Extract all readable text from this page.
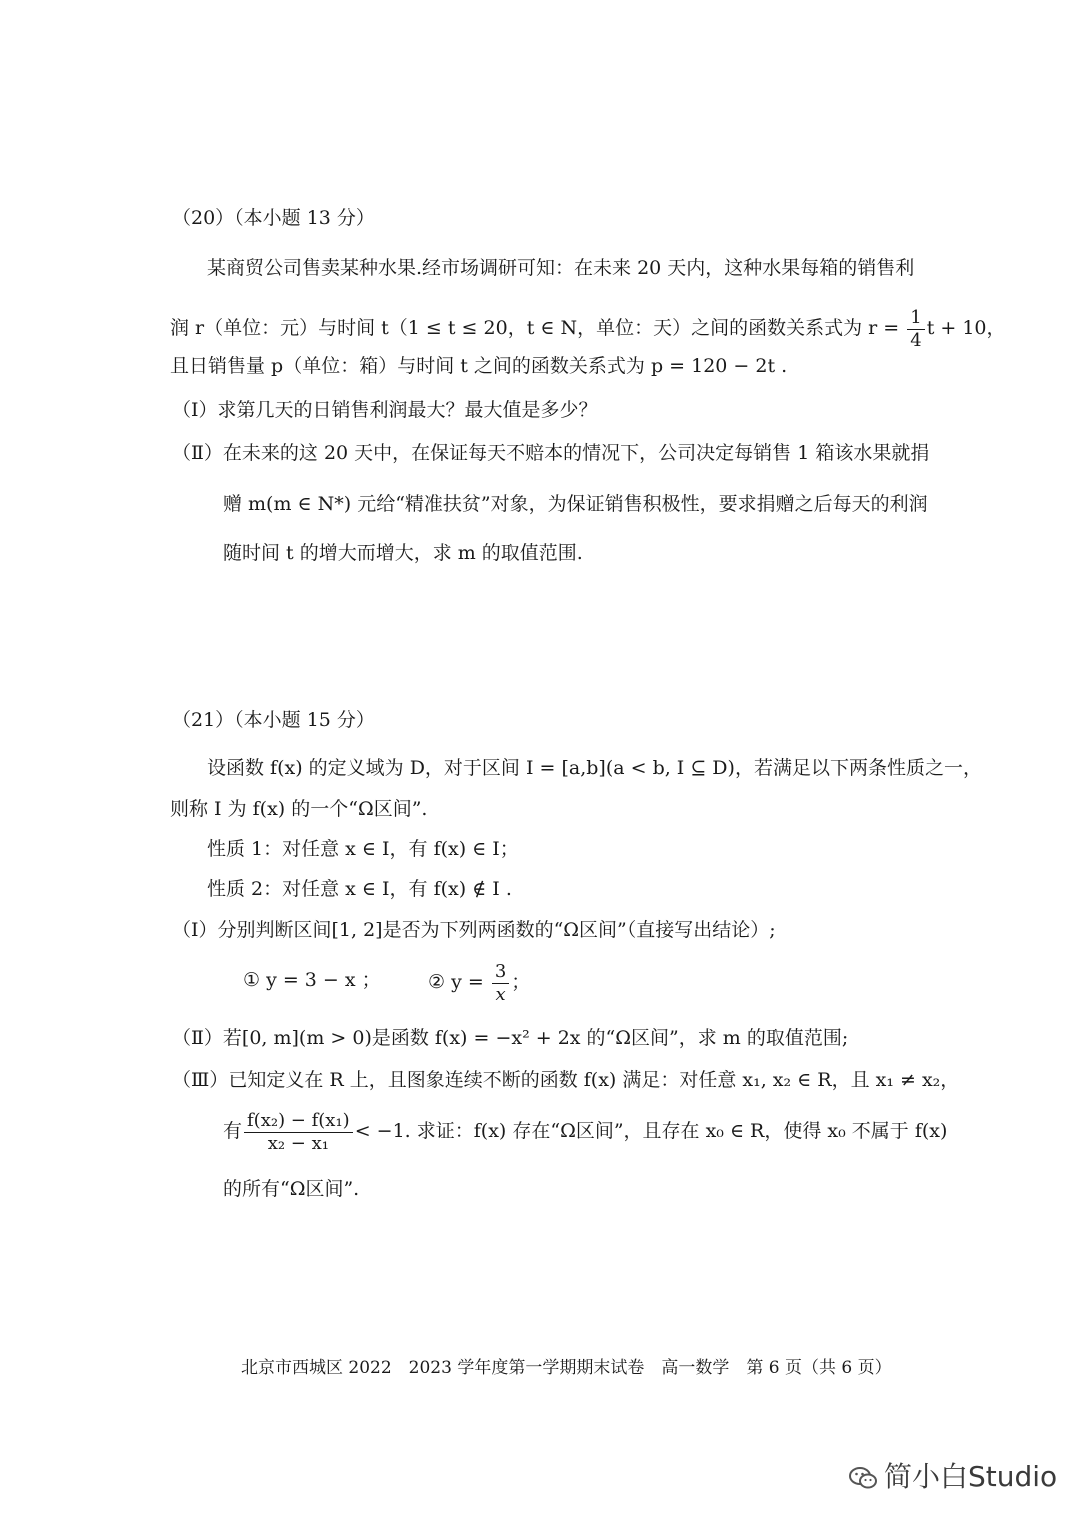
（20）（本小题 13 分）
某商贸公司售卖某种水果.经市场调研可知：在未来 20 天内，这种水果每箱的销售利
润 r（单位：元）与时间 t（1 ≤ t ≤ 20，t ∈ N，单位：天）之间的函数关系式为 $r = \frac{1}{4}$ t + 10，
且日销售量 p（单位：箱）与时间 t 之间的函数关系式为 p = 120 − 2t .
（Ⅰ）求第几天的日销售利润最大？最大值是多少？
（Ⅱ）在未来的这 20 天中，在保证每天不赔本的情况下，公司决定每销售 1 箱该水果就捐
赠 m(m ∈ N*) 元给“精准扶贫”对象，为保证销售积极性，要求捐赠之后每天的利润
随时间 t 的增大而增大，求 m 的取值范围.
（21）（本小题 15 分）
设函数 f(x) 的定义域为 D，对于区间 I = [a,b](a < b, I ⊆ D)，若满足以下两条性质之一，
则称 I 为 f(x) 的一个“Ω区间”.
性质 1：对任意 x ∈ I，有 f(x) ∈ I；
性质 2：对任意 x ∈ I，有 f(x) ∉ I .
（Ⅰ）分别判断区间[1, 2]是否为下列两函数的“Ω区间”（直接写出结论）;
① y = 3 − x ； ② $y = \frac{3}{x}$ ；
（Ⅱ）若[0, m](m > 0)是函数 f(x) = −x² + 2x 的“Ω区间”，求 m 的取值范围;
（Ⅲ）已知定义在 R 上，且图象连续不断的函数 f(x) 满足：对任意 x₁, x₂ ∈ R，且 x₁ ≠ x₂，
有 $\frac{\text{f(x₂) − f(x₁)}}{\text{x₂ − x₁}} < -1$. 求证：f(x) 存在“Ω区间”，且存在 x₀ ∈ R，使得 x₀ 不属于 f(x)
的所有“Ω区间”.
北京市西城区 2022　2023 学年度第一学期期末试卷　高一数学　第 6 页（共 6 页）
简小白Studio
